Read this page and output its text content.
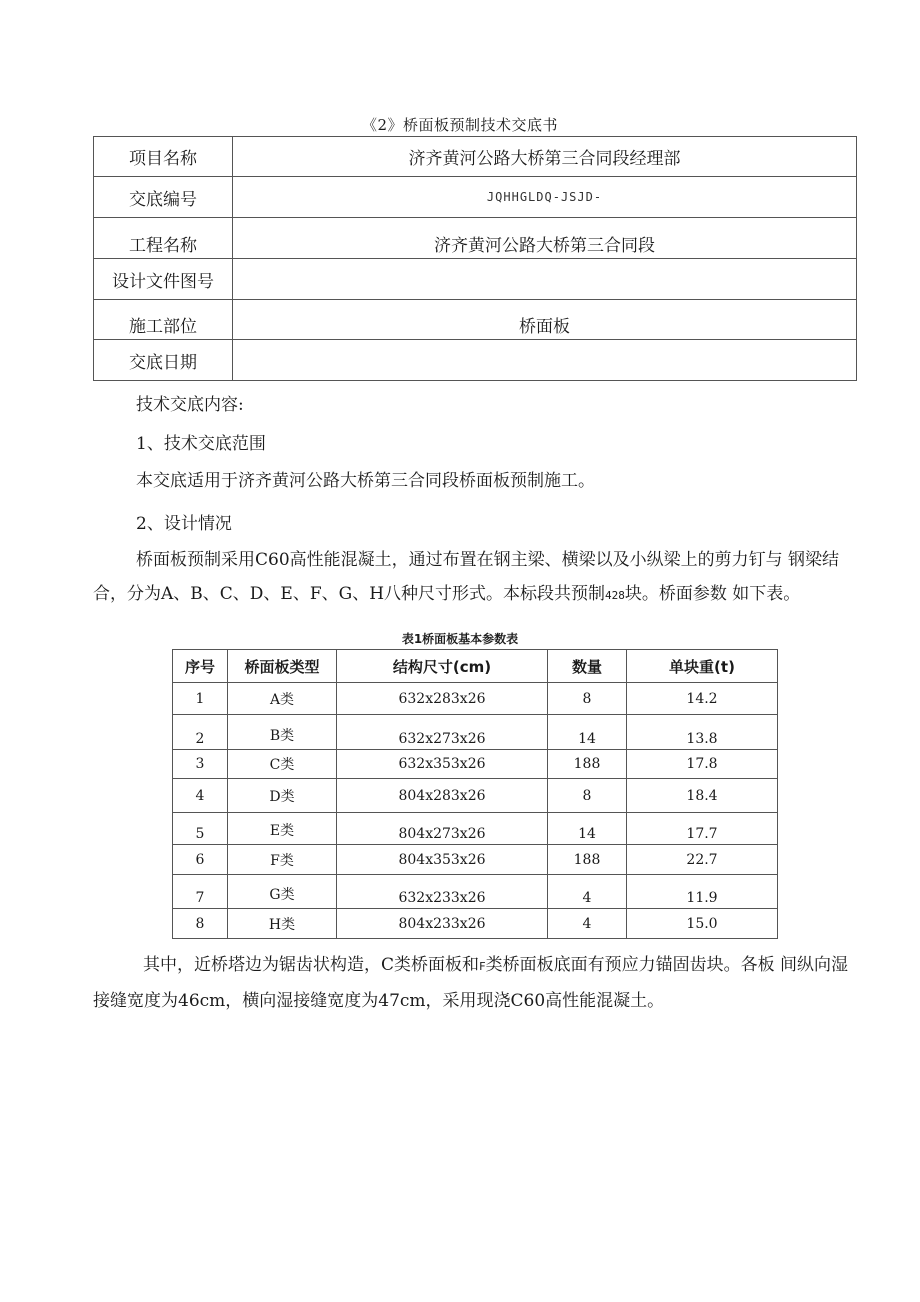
《2》桥面板预制技术交底书
项目名称	济齐黄河公路大桥第三合同段经理部
交底编号	JQHHGLDQ-JSJD-
工程名称	济齐黄河公路大桥第三合同段
设计文件图号	
施工部位	桥面板
交底日期	
技术交底内容:
1、技术交底范围
本交底适用于济齐黄河公路大桥第三合同段桥面板预制施工。
2、设计情况
桥面板预制采用C60高性能混凝土，通过布置在钢主梁、横梁以及小纵梁上的剪力钉与 钢梁结合，分为A、B、C、D、E、F、G、H八种尺寸形式。本标段共预制428块。桥面参数 如下表。
表1桥面板基本参数表
序号	桥面板类型	结构尺寸(cm)	数量	单块重(t)
1	A类	632x283x26	8	14.2
2	B类	632x273x26	14	13.8
3	C类	632x353x26	188	17.8
4	D类	804x283x26	8	18.4
5	E类	804x273x26	14	17.7
6	F类	804x353x26	188	22.7
7	G类	632x233x26	4	11.9
8	H类	804x233x26	4	15.0
其中，近桥塔边为锯齿状构造，C类桥面板和F类桥面板底面有预应力锚固齿块。各板 间纵向湿接缝宽度为46cm，横向湿接缝宽度为47cm，采用现浇C60高性能混凝土。
